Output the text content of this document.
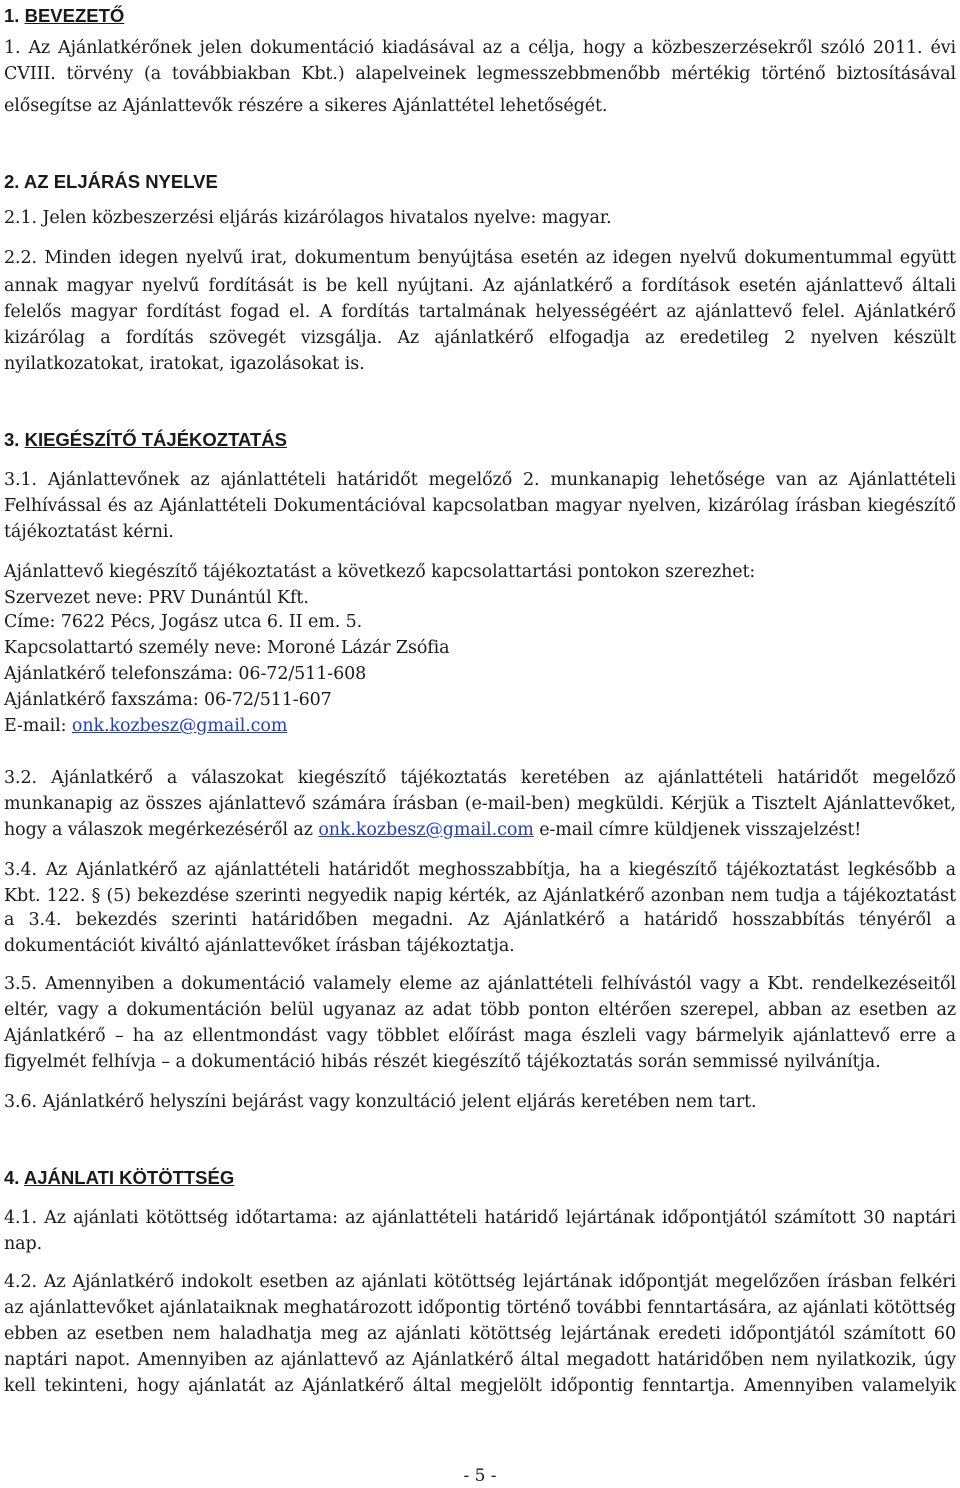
1. BEVEZETŐ
1. Az Ajánlatkérőnek jelen dokumentáció kiadásával az a célja, hogy a közbeszerzésekről szóló 2011. évi
CVIII. törvény (a továbbiakban Kbt.) alapelveinek legmesszebbmenőbb mértékig történő biztosításával
elősegítse az Ajánlattevők részére a sikeres Ajánlattétel lehetőségét.
2. AZ ELJÁRÁS NYELVE
2.1. Jelen közbeszerzési eljárás kizárólagos hivatalos nyelve: magyar.
2.2. Minden idegen nyelvű irat, dokumentum benyújtása esetén az idegen nyelvű dokumentummal együtt
annak magyar nyelvű fordítását is be kell nyújtani. Az ajánlatkérő a fordítások esetén ajánlattevő általi
felelős magyar fordítást fogad el. A fordítás tartalmának helyességéért az ajánlattevő felel. Ajánlatkérő
kizárólag a fordítás szövegét vizsgálja. Az ajánlatkérő elfogadja az eredetileg 2 nyelven készült
nyilatkozatokat, iratokat, igazolásokat is.
3. KIEGÉSZÍTŐ TÁJÉKOZTATÁS
3.1. Ajánlattevőnek az ajánlattételi határidőt megelőző 2. munkanapig lehetősége van az Ajánlattételi
Felhívással és az Ajánlattételi Dokumentációval kapcsolatban magyar nyelven, kizárólag írásban kiegészítő
tájékoztatást kérni.
Ajánlattevő kiegészítő tájékoztatást a következő kapcsolattartási pontokon szerezhet:
Szervezet neve: PRV Dunántúl Kft.
Címe: 7622 Pécs, Jogász utca 6. II em. 5.
Kapcsolattartó személy neve: Moroné Lázár Zsófia
Ajánlatkérő telefonszáma: 06-72/511-608
Ajánlatkérő faxszáma: 06-72/511-607
E-mail: onk.kozbesz@gmail.com
3.2. Ajánlatkérő a válaszokat kiegészítő tájékoztatás keretében az ajánlattételi határidőt megelőző
munkanapig az összes ajánlattevő számára írásban (e-mail-ben) megküldi. Kérjük a Tisztelt Ajánlattevőket,
hogy a válaszok megérkezéséről az onk.kozbesz@gmail.com e-mail címre küldjenek visszajelzést!
3.4. Az Ajánlatkérő az ajánlattételi határidőt meghosszabbítja, ha a kiegészítő tájékoztatást legkésőbb a
Kbt. 122. § (5) bekezdése szerinti negyedik napig kérték, az Ajánlatkérő azonban nem tudja a tájékoztatást
a 3.4. bekezdés szerinti határidőben megadni. Az Ajánlatkérő a határidő hosszabbítás tényéről a
dokumentációt kiváltó ajánlattevőket írásban tájékoztatja.
3.5. Amennyiben a dokumentáció valamely eleme az ajánlattételi felhívástól vagy a Kbt. rendelkezéseitől
eltér, vagy a dokumentáción belül ugyanaz az adat több ponton eltérően szerepel, abban az esetben az
Ajánlatkérő – ha az ellentmondást vagy többlet előírást maga észleli vagy bármelyik ajánlattevő erre a
figyelmét felhívja – a dokumentáció hibás részét kiegészítő tájékoztatás során semmissé nyilvánítja.
3.6. Ajánlatkérő helyszíni bejárást vagy konzultáció jelent eljárás keretében nem tart.
4. AJÁNLATI KÖTÖTTSÉG
4.1. Az ajánlati kötöttség időtartama: az ajánlattételi határidő lejártának időpontjától számított 30 naptári
nap.
4.2. Az Ajánlatkérő indokolt esetben az ajánlati kötöttség lejártának időpontját megelőzően írásban felkéri
az ajánlattevőket ajánlataiknak meghatározott időpontig történő további fenntartására, az ajánlati kötöttség
ebben az esetben nem haladhatja meg az ajánlati kötöttség lejártának eredeti időpontjától számított 60
naptári napot. Amennyiben az ajánlattevő az Ajánlatkérő által megadott határidőben nem nyilatkozik, úgy
kell tekinteni, hogy ajánlatát az Ajánlatkérő által megjelölt időpontig fenntartja. Amennyiben valamelyik
- 5 -
